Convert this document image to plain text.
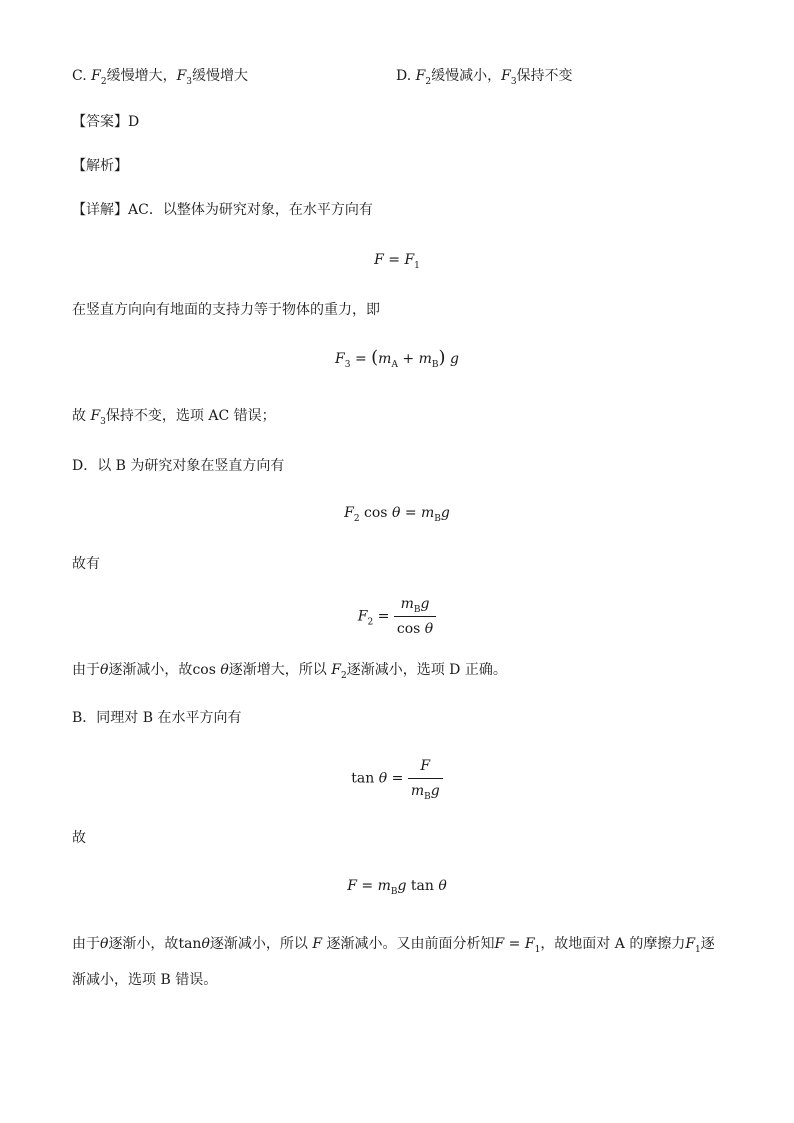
C. $F_2$缓慢增大，$F_3$缓慢增大	D. $F_2$缓慢减小，$F_3$保持不变
【答案】D
【解析】
【详解】AC．以整体为研究对象，在水平方向有
$F = F_1$
在竖直方向向有地面的支持力等于物体的重力，即
$F_3 = (m_A + m_B)$ g
故 $F_3$保持不变，选项 AC 错误；
D．以 B 为研究对象在竖直方向有
$F_2$ $\cos \theta = m_Bg$
故有
$F_2 = \frac{m_Bg}{\text{cos θ}}$
由于θ逐渐减小，故cos θ逐渐增大，所以 $F_2$逐渐减小，选项 D 正确。
B．同理对 B 在水平方向有
$\tan \theta = \frac{F}{m_Bg}$
故
$F = m_Bg$ tan θ
由于θ逐渐小，故tanθ逐渐减小，所以 F 逐渐减小。又由前面分析知$F = F_1$，故地面对 A 的摩擦力$F_1$逐
渐减小，选项 B 错误。
